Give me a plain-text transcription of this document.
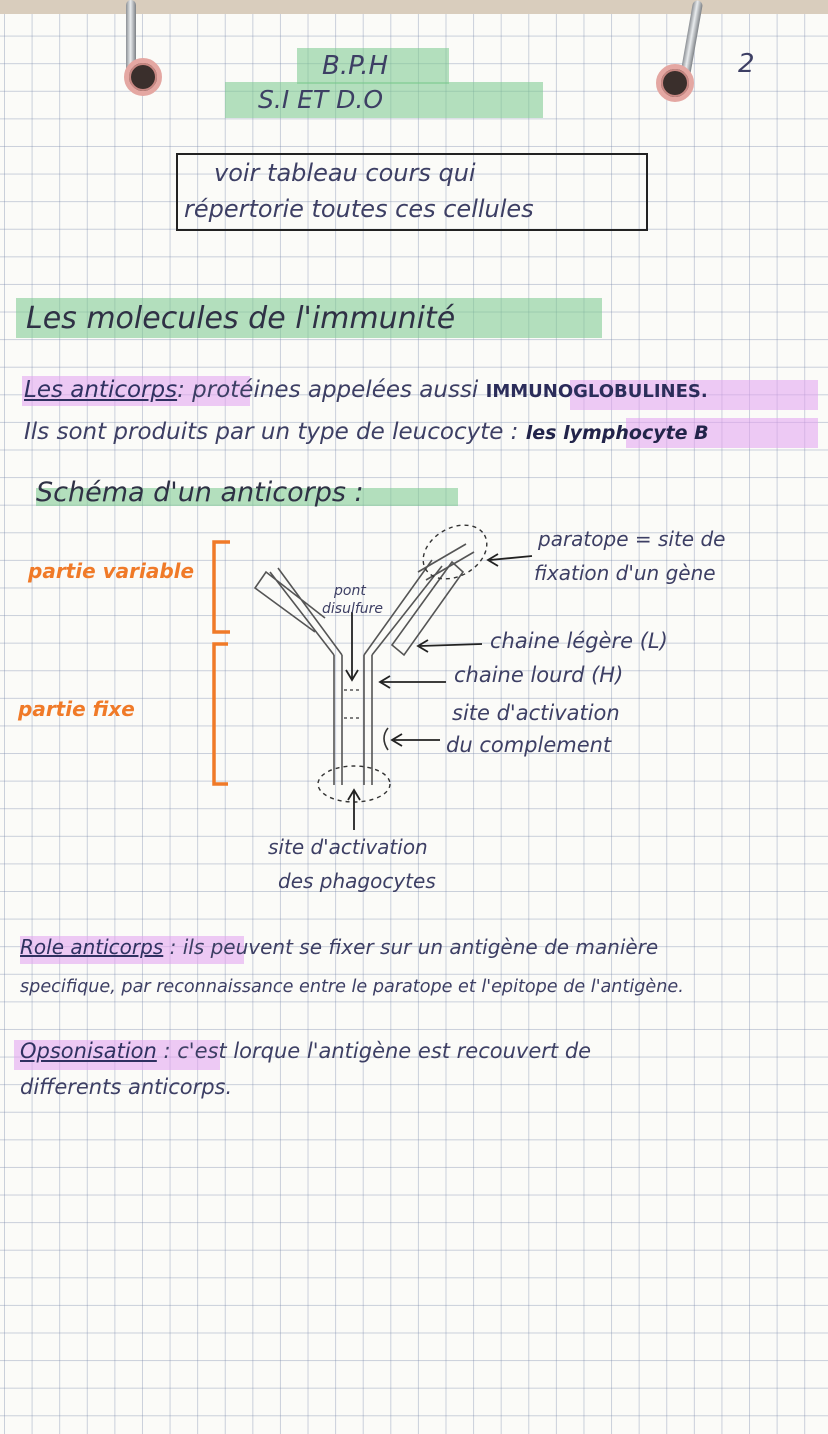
B.P.H
S.I ET D.O
2
voir tableau cours qui
répertorie toutes ces cellules
Les molecules de l'immunité
Les anticorps: protéines appelées aussi IMMUNOGLOBULINES.
Ils sont produits par un type de leucocyte : les lymphocyte B
Schéma d'un anticorps :
partie variable
partie fixe
pont
disulfure
paratope = site de
fixation d'un gène
chaine légère (L)
chaine lourd (H)
site d'activation
du complement
site d'activation
des phagocytes
Role anticorps : ils peuvent se fixer sur un antigène de manière
specifique, par reconnaissance entre le paratope et l'epitope de l'antigène.
Opsonisation : c'est lorque l'antigène est recouvert de
differents anticorps.
